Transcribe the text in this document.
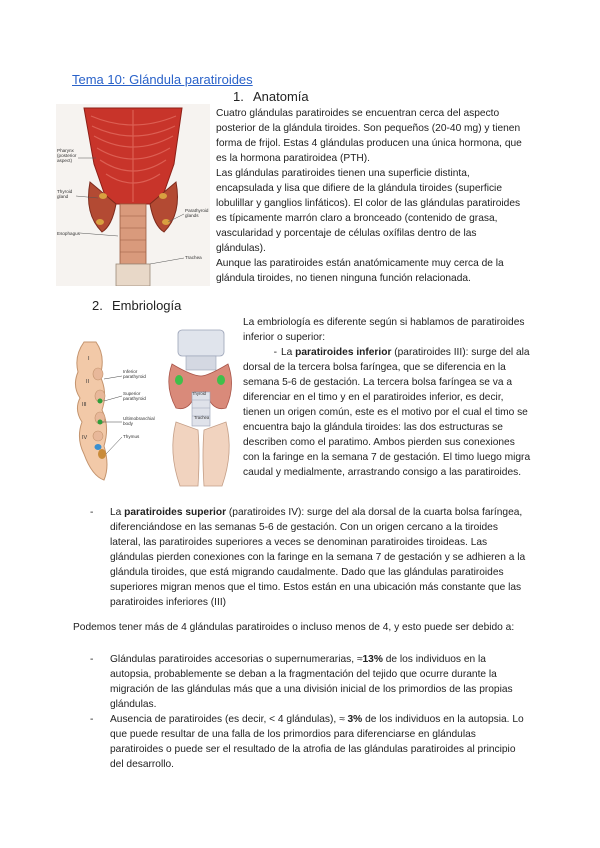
Tema 10: Glándula paratiroides
1. Anatomía
Pharynx
(posterior
aspect)
Thyroid
gland
Esophagus
Parathyroid
glands
Trachea
Cuatro glándulas paratiroides se encuentran cerca del aspecto posterior de la glándula tiroides. Son pequeños (20-40 mg) y tienen forma de frijol. Estas 4 glándulas producen una única hormona, que es la hormona paratiroidea (PTH).
Las glándulas paratiroides tienen una superficie distinta, encapsulada y lisa que difiere de la glándula tiroides (superficie lobulillar y ganglios linfáticos). El color de las glándulas paratiroides es típicamente marrón claro a bronceado (contenido de grasa, vascularidad y porcentaje de células oxífilas dentro de las glándulas).
Aunque las paratiroides están anatómicamente muy cerca de la glándula tiroides, no tienen ninguna función relacionada.
2. Embriología
I
II
III
IV
Inferior
parathyroid
Superior
parathyroid
Ultimobranchial
body
Thymus
Thyroid
Trachea
La embriología es diferente según si hablamos de paratiroides inferior o superior:
- La paratiroides inferior (paratiroides III): surge del ala dorsal de la tercera bolsa faríngea, que se diferencia en la semana 5-6 de gestación. La tercera bolsa faríngea se va a diferenciar en el timo y en el paratiroides inferior, es decir, tienen un origen común, este es el motivo por el cual el timo se encuentra bajo la glándula tiroides: las dos estructuras se describen como el paratimo. Ambos pierden sus conexiones con la faringe en la semana 7 de gestación. El timo luego migra caudal y medialmente, arrastrando consigo a las paratiroides.
- La paratiroides superior (paratiroides IV): surge del ala dorsal de la cuarta bolsa faríngea, diferenciándose en las semanas 5-6 de gestación. Con un origen cercano a la tiroides lateral, las paratiroides superiores a veces se denominan paratiroides tiroideas. Las glándulas pierden conexiones con la faringe en la semana 7 de gestación y se adhieren a la glándula tiroides, que está migrando caudalmente. Dado que las glándulas paratiroides superiores migran menos que el timo. Estos están en una ubicación más constante que las paratiroides inferiores (III)
Podemos tener más de 4 glándulas paratiroides o incluso menos de 4, y esto puede ser debido a:
- Glándulas paratiroides accesorias o supernumerarias, ≈13% de los individuos en la autopsia, probablemente se deban a la fragmentación del tejido que ocurre durante la migración de las glándulas más que a una división inicial de los primordios de las propias glándulas.
- Ausencia de paratiroides (es decir, < 4 glándulas), ≈ 3% de los individuos en la autopsia. Lo que puede resultar de una falla de los primordios para diferenciarse en glándulas paratiroides o puede ser el resultado de la atrofia de las glándulas paratiroides al principio del desarrollo.
